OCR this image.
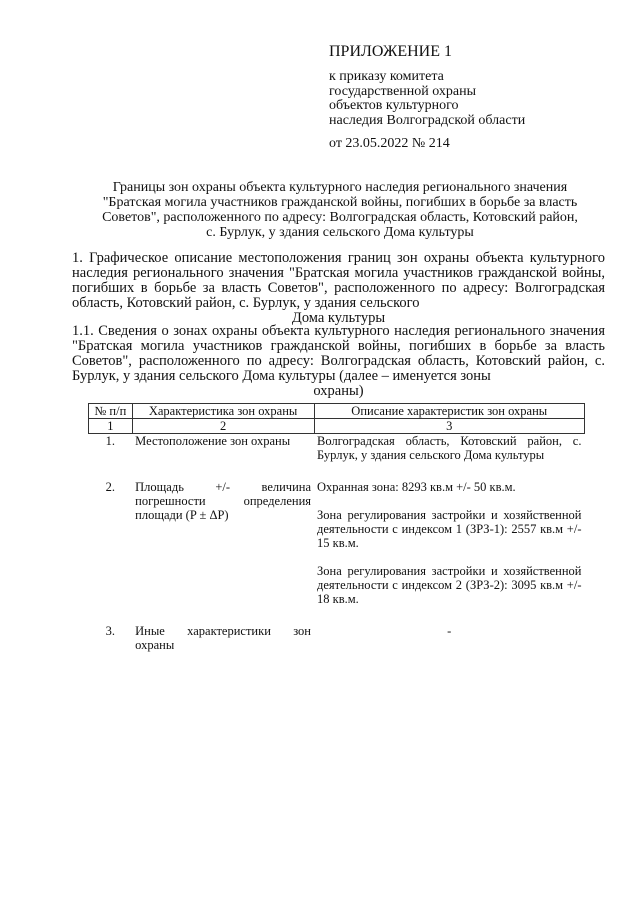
ПРИЛОЖЕНИЕ 1
к приказу комитета
государственной охраны
объектов культурного
наследия Волгоградской области
от 23.05.2022 № 214
Границы зон охраны объекта культурного наследия регионального значения
"Братская могила участников гражданской войны, погибших в борьбе за власть
Советов", расположенного по адресу: Волгоградская область, Котовский район,
с. Бурлук, у здания сельского Дома культуры
1. Графическое описание местоположения границ зон охраны объекта культурного наследия регионального значения "Братская могила участников гражданской войны, погибших в борьбе за власть Советов", расположенного по адресу: Волгоградская область, Котовский район, с. Бурлук, у здания сельского
Дома культуры
1.1. Сведения о зонах охраны объекта культурного наследия регионального значения "Братская могила участников гражданской войны, погибших в борьбе за власть Советов", расположенного по адресу: Волгоградская область, Котовский район, с. Бурлук, у здания сельского Дома культуры (далее – именуется зоны
охраны)
№ п/п	Характеристика зон охраны	Описание характеристик зон охраны
1	2	3
1.	Местоположение зон охраны	Волгоградская область, Котовский район, с. Бурлук, у здания сельского Дома культуры

2.	Площадь +/- величина погрешности определения площади (P ± ΔP)	Охранная зона: 8293 кв.м +/- 50 кв.м.
Зона регулирования застройки и хозяйственной деятельности с индексом 1 (ЗРЗ-1): 2557 кв.м +/- 15 кв.м.
Зона регулирования застройки и хозяйственной деятельности с индексом 2 (ЗРЗ-2): 3095 кв.м +/- 18 кв.м.

3.	Иные характеристики зон охраны	-
